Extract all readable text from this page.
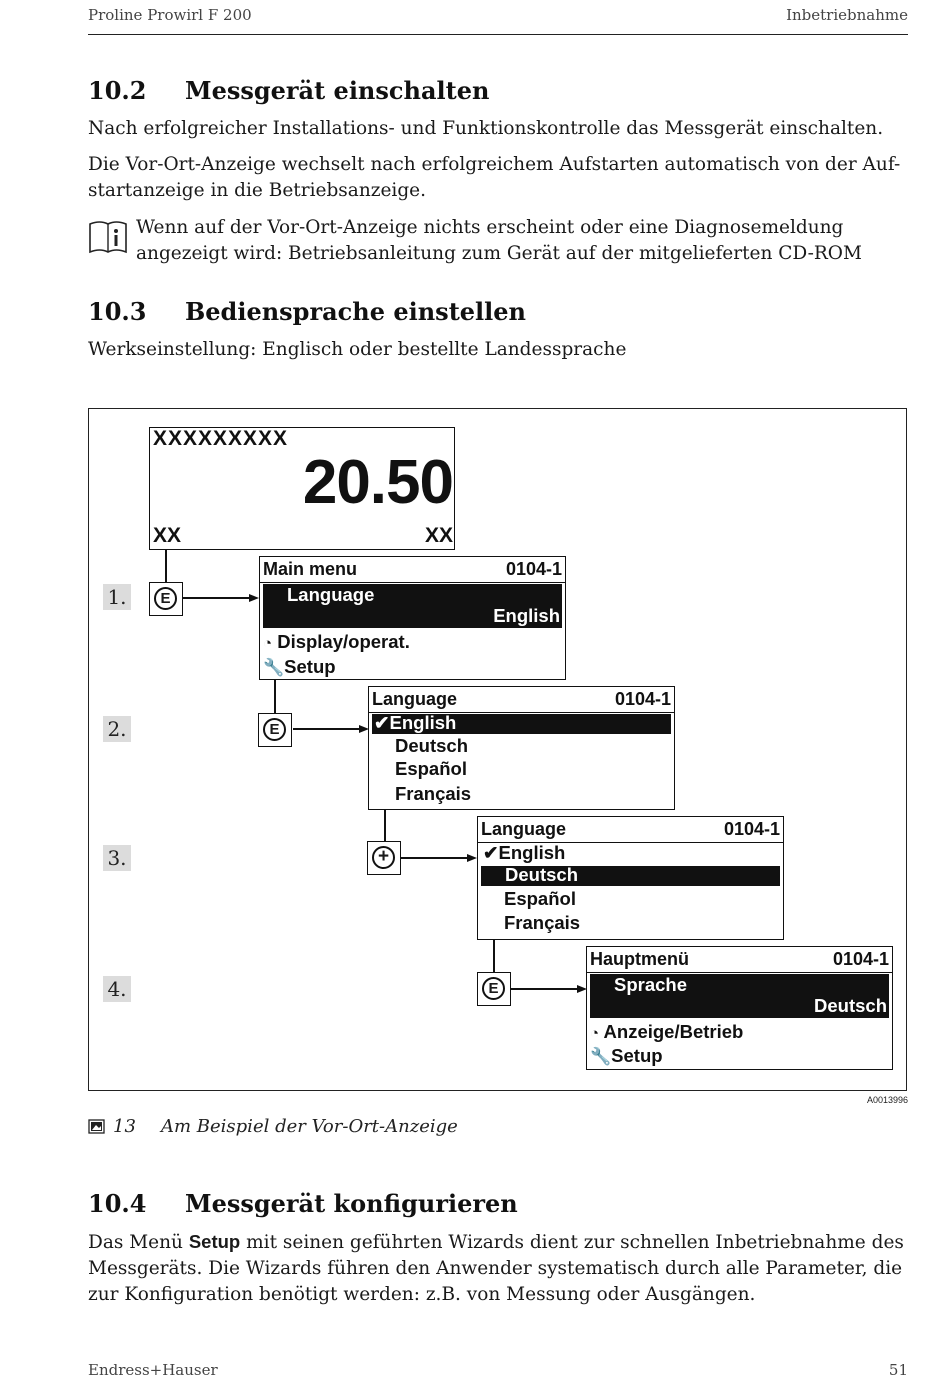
Proline Prowirl F 200	Inbetriebnahme
10.2 Messgerät einschalten
Nach erfolgreicher Installations- und Funktionskontrolle das Messgerät einschalten.
Die Vor-Ort-Anzeige wechselt nach erfolgreichem Aufstarten automatisch von der Auf-
startanzeige in die Betriebsanzeige.
Wenn auf der Vor-Ort-Anzeige nichts erscheint oder eine Diagnosemeldung
angezeigt wird: Betriebsanleitung zum Gerät auf der mitgelieferten CD-ROM
10.3 Bediensprache einstellen
Werkseinstellung: Englisch oder bestellte Landessprache
XXXXXXXXX
20.50
XX	XX
1.
2.
3.
4.
E
Main menu	0104-1
Language
English
◔ Display/operat.
🔧Setup
E
Language	0104-1
✔English
Deutsch
Español
Français
+
Language	0104-1
✔English
Deutsch
Español
Français
E
Hauptmenü	0104-1
Sprache
Deutsch
◔ Anzeige/Betrieb
🔧Setup
A0013996
13 Am Beispiel der Vor-Ort-Anzeige
10.4 Messgerät konfigurieren
Das Menü Setup mit seinen geführten Wizards dient zur schnellen Inbetriebnahme des
Messgeräts. Die Wizards führen den Anwender systematisch durch alle Parameter, die
zur Konfiguration benötigt werden: z.B. von Messung oder Ausgängen.
Endress+Hauser	51
